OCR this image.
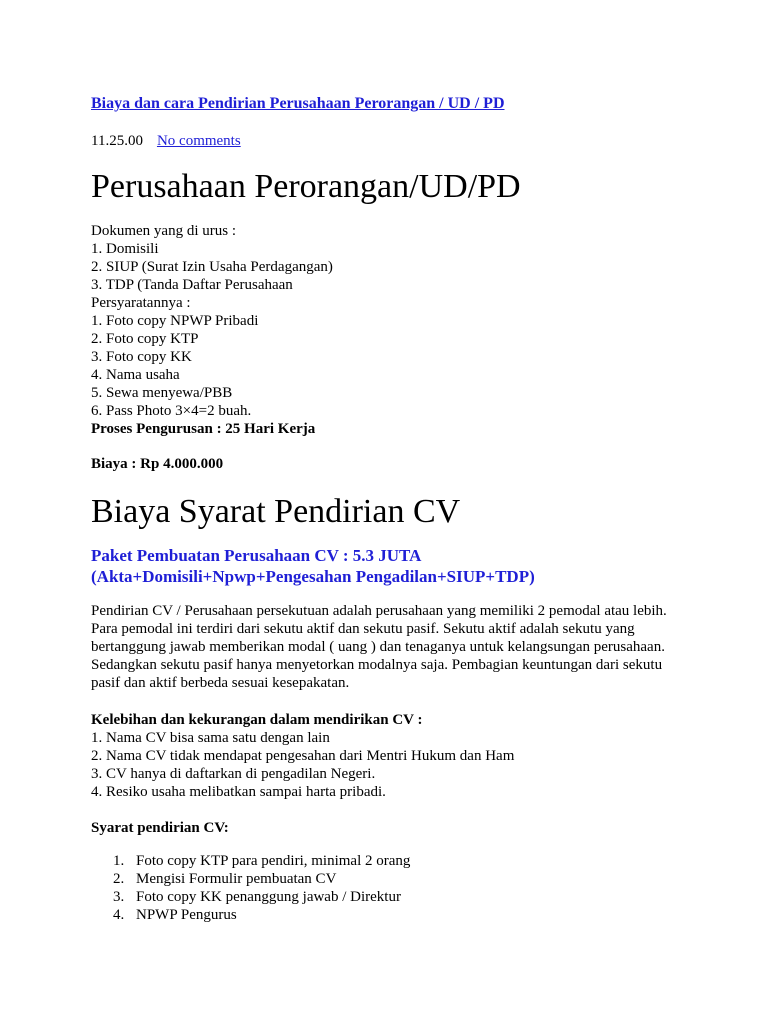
Biaya dan cara Pendirian Perusahaan Perorangan / UD / PD
11.25.00 No comments
Perusahaan Perorangan/UD/PD
Dokumen yang di urus :
1. Domisili
2. SIUP (Surat Izin Usaha Perdagangan)
3. TDP (Tanda Daftar Perusahaan
Persyaratannya :
1. Foto copy NPWP Pribadi
2. Foto copy KTP
3. Foto copy KK
4. Nama usaha
5. Sewa menyewa/PBB
6. Pass Photo 3×4=2 buah.
Proses Pengurusan : 25 Hari Kerja
Biaya : Rp 4.000.000
Biaya Syarat Pendirian CV
Paket Pembuatan Perusahaan CV : 5.3 JUTA
(Akta+Domisili+Npwp+Pengesahan Pengadilan+SIUP+TDP)
Pendirian CV / Perusahaan persekutuan adalah perusahaan yang memiliki 2 pemodal atau lebih.
Para pemodal ini terdiri dari sekutu aktif dan sekutu pasif. Sekutu aktif adalah sekutu yang
bertanggung jawab memberikan modal ( uang ) dan tenaganya untuk kelangsungan perusahaan.
Sedangkan sekutu pasif hanya menyetorkan modalnya saja. Pembagian keuntungan dari sekutu
pasif dan aktif berbeda sesuai kesepakatan.
Kelebihan dan kekurangan dalam mendirikan CV :
1. Nama CV bisa sama satu dengan lain
2. Nama CV tidak mendapat pengesahan dari Mentri Hukum dan Ham
3. CV hanya di daftarkan di pengadilan Negeri.
4. Resiko usaha melibatkan sampai harta pribadi.
Syarat pendirian CV:
1. Foto copy KTP para pendiri, minimal 2 orang
2. Mengisi Formulir pembuatan CV
3. Foto copy KK penanggung jawab / Direktur
4. NPWP Pengurus
